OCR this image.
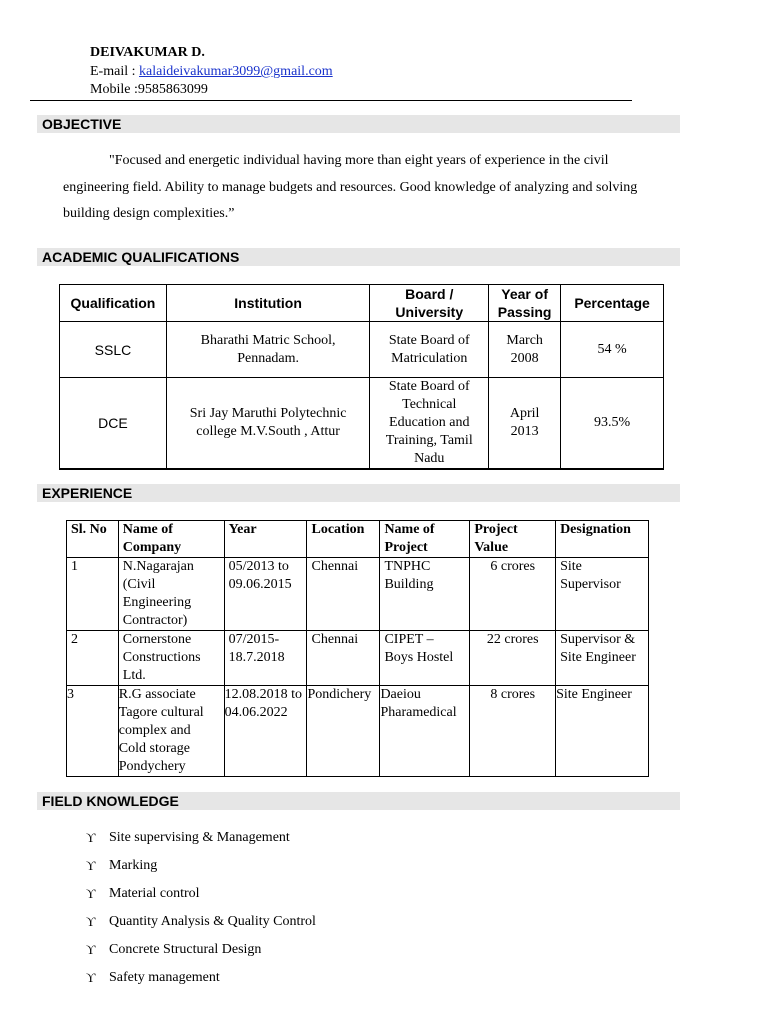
DEIVAKUMAR D.
E-mail : kalaideivakumar3099@gmail.com
Mobile :9585863099
OBJECTIVE
"Focused and energetic individual having more than eight years of experience in the civil engineering field. Ability to manage budgets and resources. Good knowledge of analyzing and solving building design complexities.”
ACADEMIC QUALIFICATIONS
Qualification	Institution	Board / University	Year of Passing	Percentage
SSLC	Bharathi Matric School, Pennadam.	State Board of Matriculation	March 2008	54 %
DCE	Sri Jay Maruthi Polytechnic college M.V.South , Attur	State Board of Technical Education and Training, Tamil Nadu	April 2013	93.5%
EXPERIENCE
Sl. No	Name of Company	Year	Location	Name of Project	Project Value	Designation
1	N.Nagarajan (Civil Engineering Contractor)	05/2013 to 09.06.2015	Chennai	TNPHC Building	6 crores	Site Supervisor
2	Cornerstone Constructions Ltd.	07/2015- 18.7.2018	Chennai	CIPET – Boys Hostel	22 crores	Supervisor & Site Engineer
3	R.G associate Tagore cultural complex and Cold storage Pondychery	12.08.2018 to 04.06.2022	Pondichery	Daeiou Pharamedical	8 crores	Site Engineer
FIELD KNOWLEDGE
ϒ Site supervising & Management
ϒ Marking
ϒ Material control
ϒ Quantity Analysis & Quality Control
ϒ Concrete Structural Design
ϒ Safety management
